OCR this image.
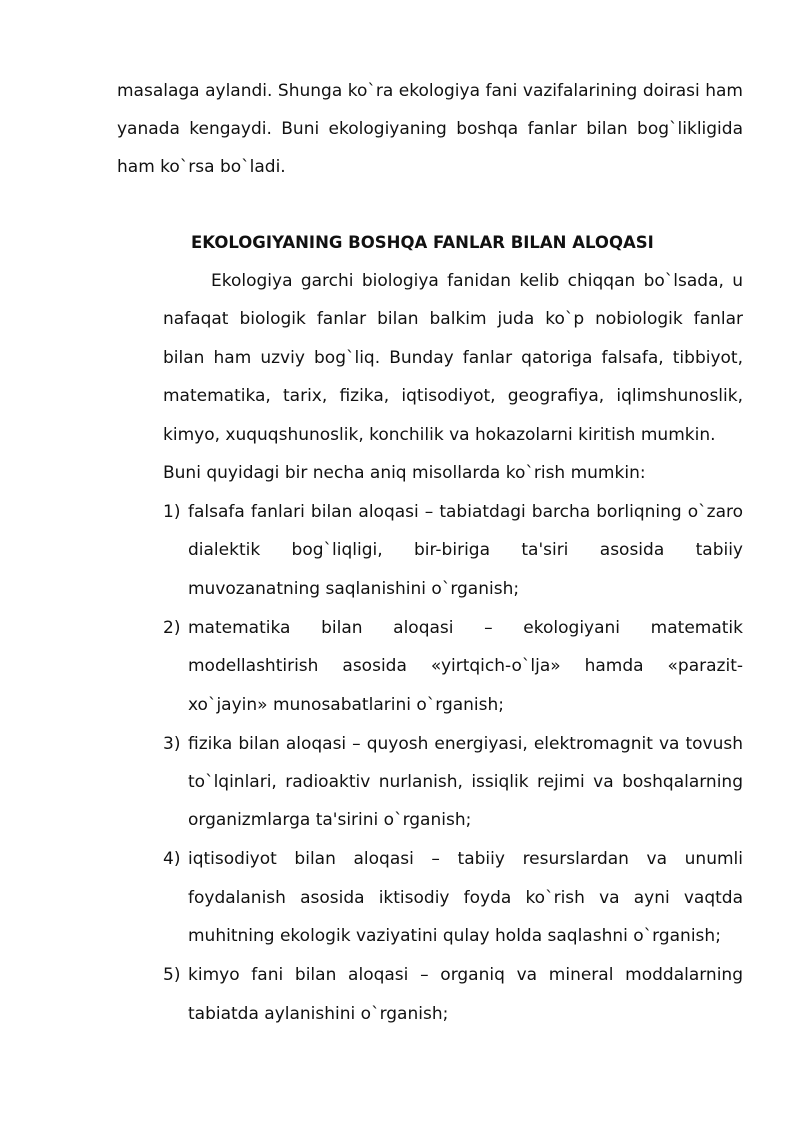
masalaga aylandi. Shunga ko`ra ekologiya fani vazifalarining doirasi ham yanada kengaydi. Buni ekologiyaning boshqa fanlar bilan bog`likligida ham ko`rsa bo`ladi.

EKOLOGIYANING BOSHQA FANLAR BILAN ALOQASI

Ekologiya garchi biologiya fanidan kelib chiqqan bo`lsada, u nafaqat biologik fanlar bilan balkim juda ko`p nobiologik fanlar bilan ham uzviy bog`liq. Bunday fanlar qatoriga falsafa, tibbiyot, matematika, tarix, fizika, iqtisodiyot, geografiya, iqlimshunoslik, kimyo, xuquqshunoslik, konchilik va hokazolarni kiritish mumkin.

Buni quyidagi bir necha aniq misollarda ko`rish mumkin:

1) falsafa fanlari bilan aloqasi – tabiatdagi barcha borliqning o`zaro dialektik bog`liqligi, bir-biriga ta'siri asosida tabiiy muvozanatning saqlanishini o`rganish;
2) matematika bilan aloqasi – ekologiyani matematik modellashtirish asosida «yirtqich-o`lja» hamda «parazit-xo`jayin» munosabatlarini o`rganish;
3) fizika bilan aloqasi – quyosh energiyasi, elektromagnit va tovush to`lqinlari, radioaktiv nurlanish, issiqlik rejimi va boshqalarning organizmlarga ta'sirini o`rganish;
4) iqtisodiyot bilan aloqasi – tabiiy resurslardan va unumli foydalanish asosida iktisodiy foyda ko`rish va ayni vaqtda muhitning ekologik vaziyatini qulay holda saqlashni o`rganish;
5) kimyo fani bilan aloqasi – organiq va mineral moddalarning tabiatda aylanishini o`rganish;
